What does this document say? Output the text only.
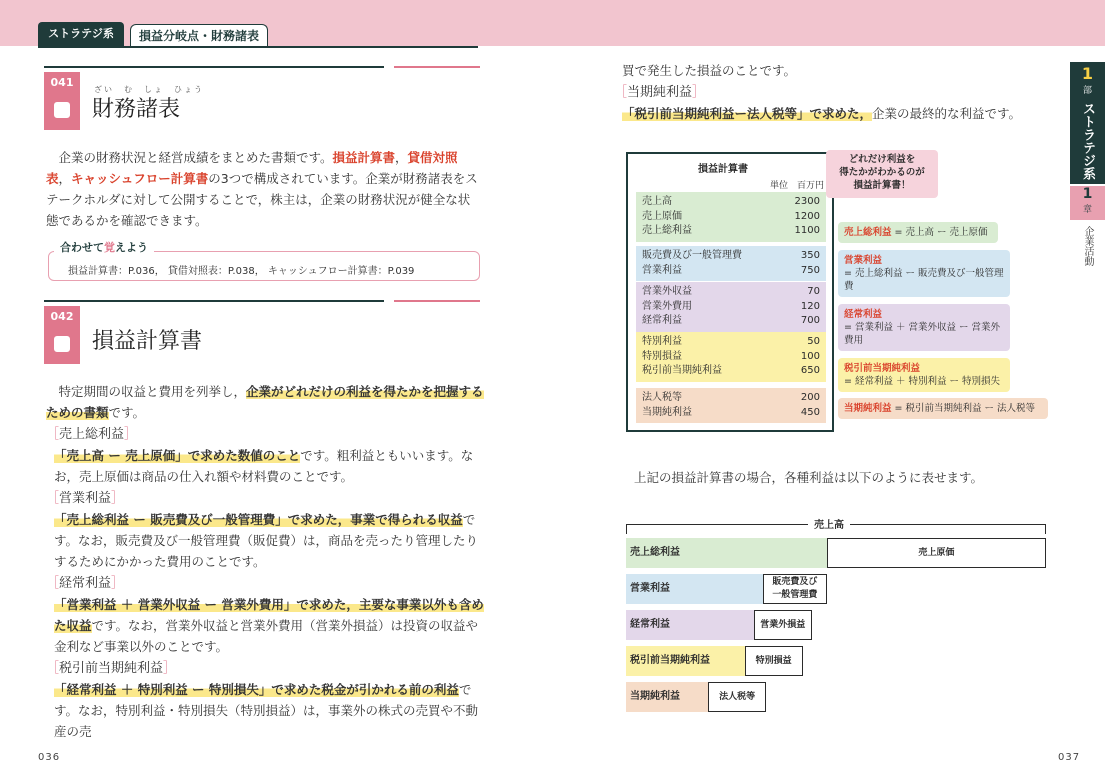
ストラテジ系	損益分岐点・財務諸表
041
ざい　む　しょ　ひょう
財務諸表

企業の財務状況と経営成績をまとめた書類です。損益計算書，貸借対照表，キャッシュフロー計算書の3つで構成されています。企業が財務諸表をステークホルダに対して公開することで，株主は，企業の財務状況が健全な状態であるかを確認できます。

合わせて覚えよう
損益計算書：P.036， 貸借対照表：P.038， キャッシュフロー計算書：P.039
042
損益計算書

特定期間の収益と費用を列挙し，企業がどれだけの利益を得たかを把握するための書類です。

［売上総利益］
「売上高 ー 売上原価」で求めた数値のことです。粗利益ともいいます。なお，売上原価は商品の仕入れ額や材料費のことです。
［営業利益］
「売上総利益 ー 販売費及び一般管理費」で求めた，事業で得られる収益です。なお，販売費及び一般管理費（販促費）は，商品を売ったり管理したりするためにかかった費用のことです。
［経常利益］
「営業利益 ＋ 営業外収益 ー 営業外費用」で求めた，主要な事業以外も含めた収益です。なお，営業外収益と営業外費用（営業外損益）は投資の収益や金利など事業以外のことです。
［税引前当期純利益］
「経常利益 ＋ 特別利益 ー 特別損失」で求めた税金が引かれる前の利益です。なお，特別利益・特別損失（特別損益）は，事業外の株式の売買や不動産の売
買で発生した損益のことです。
［当期純利益］
「税引前当期純利益ー法人税等」で求めた，企業の最終的な利益です。
損益計算書
単位　百万円
売上高	2300
売上原価	1200
売上総利益	1100
販売費及び一般管理費	350
営業利益	750
営業外収益	70
営業外費用	120
経常利益	700
特別利益	50
特別損益	100
税引前当期純利益	650
法人税等	200
当期純利益	450
どれだけ利益を
得たかがわかるのが
損益計算書！
売上総利益 = 売上高 ー 売上原価
営業利益
= 売上総利益 ー 販売費及び一般管理費
経常利益
= 営業利益 ＋ 営業外収益 ー 営業外費用
税引前当期純利益
= 経常利益 ＋ 特別利益 ー 特別損失
当期純利益 = 税引前当期純利益 ー 法人税等
上記の損益計算書の場合，各種利益は以下のように表せます。
売上高
売上総利益	売上原価
営業利益
販売費及び
一般管理費
経常利益	営業外損益
税引前当期純利益	特別損益
当期純利益	法人税等
1
部
ストラテジ系
1
章
企業活動
036	037
